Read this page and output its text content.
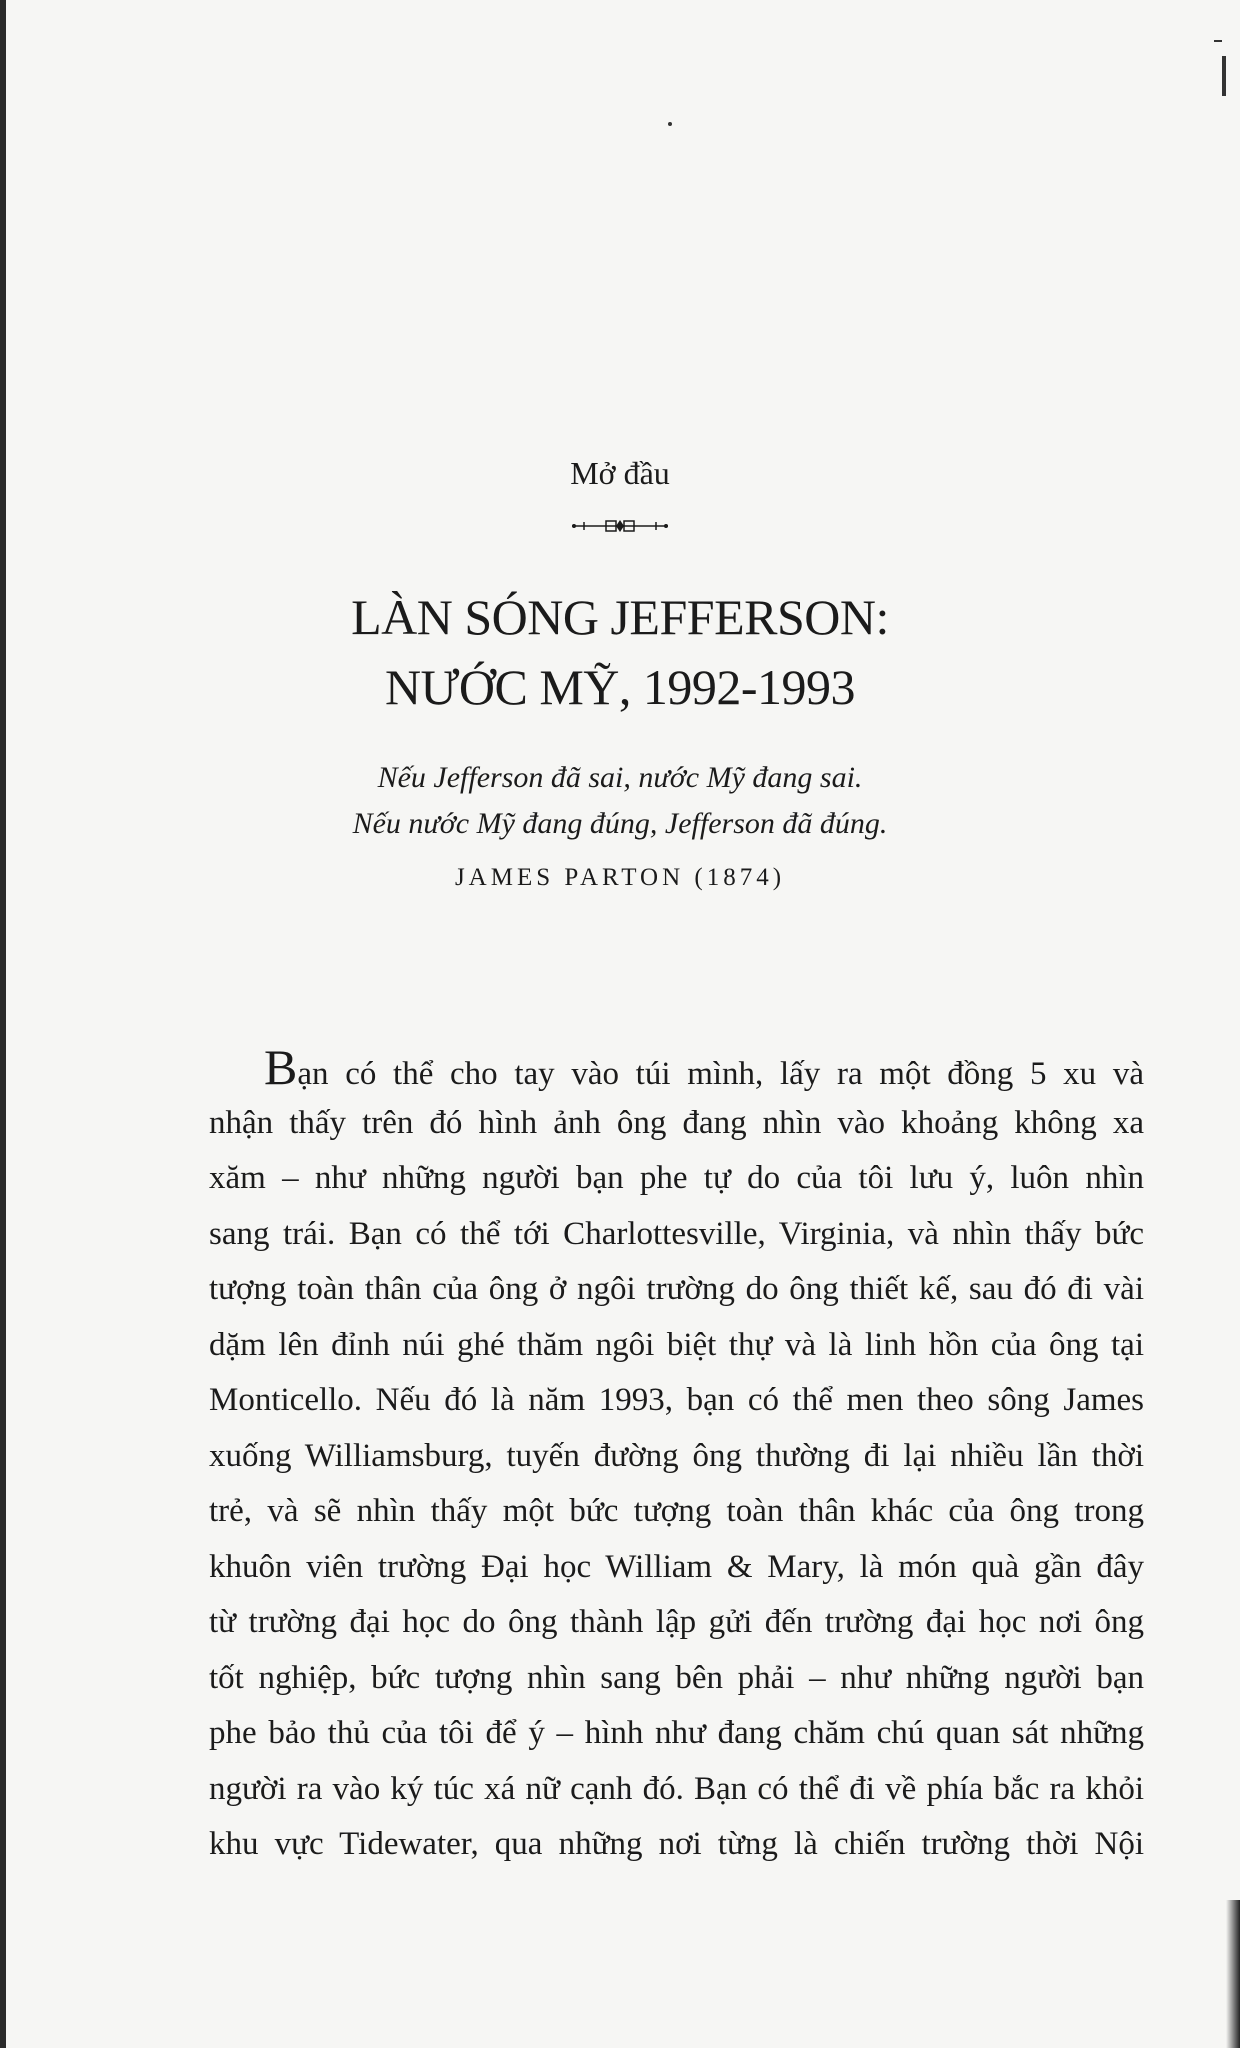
Mở đầu
LÀN SÓNG JEFFERSON:
NƯỚC MỸ, 1992-1993
Nếu Jefferson đã sai, nước Mỹ đang sai.
Nếu nước Mỹ đang đúng, Jefferson đã đúng.
JAMES PARTON (1874)
Bạn có thể cho tay vào túi mình, lấy ra một đồng 5 xu và
nhận thấy trên đó hình ảnh ông đang nhìn vào khoảng không xa
xăm – như những người bạn phe tự do của tôi lưu ý, luôn nhìn
sang trái. Bạn có thể tới Charlottesville, Virginia, và nhìn thấy bức
tượng toàn thân của ông ở ngôi trường do ông thiết kế, sau đó đi vài
dặm lên đỉnh núi ghé thăm ngôi biệt thự và là linh hồn của ông tại
Monticello. Nếu đó là năm 1993, bạn có thể men theo sông James
xuống Williamsburg, tuyến đường ông thường đi lại nhiều lần thời
trẻ, và sẽ nhìn thấy một bức tượng toàn thân khác của ông trong
khuôn viên trường Đại học William & Mary, là món quà gần đây
từ trường đại học do ông thành lập gửi đến trường đại học nơi ông
tốt nghiệp, bức tượng nhìn sang bên phải – như những người bạn
phe bảo thủ của tôi để ý – hình như đang chăm chú quan sát những
người ra vào ký túc xá nữ cạnh đó. Bạn có thể đi về phía bắc ra khỏi
khu vực Tidewater, qua những nơi từng là chiến trường thời Nội
